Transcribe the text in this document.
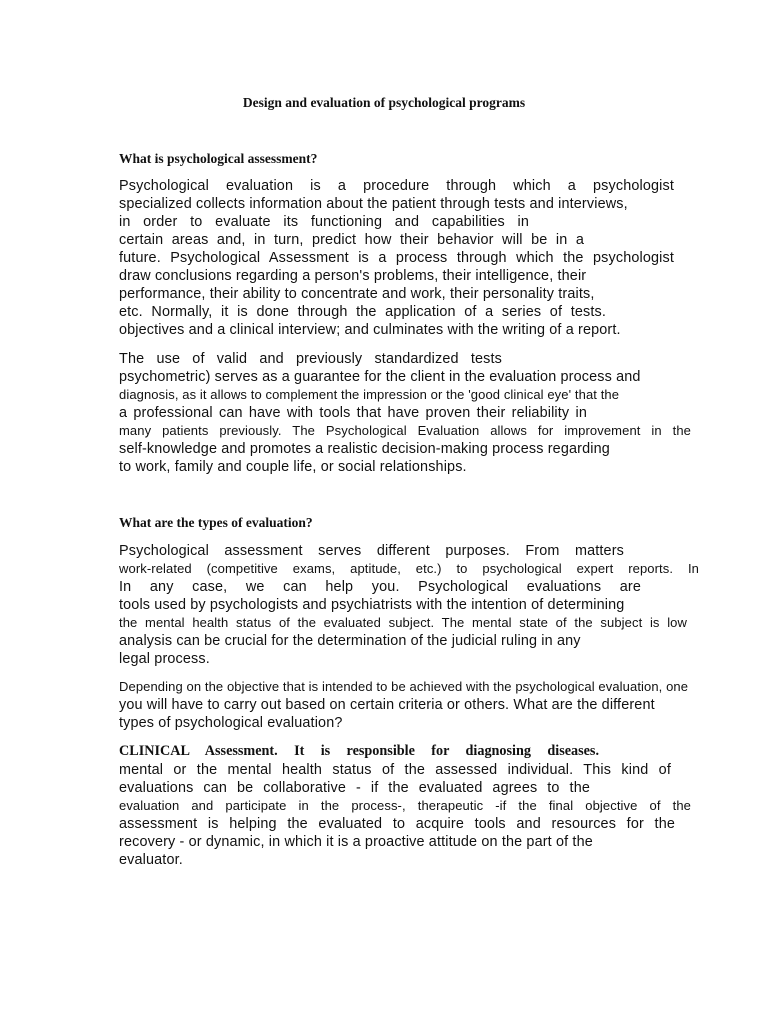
Design and evaluation of psychological programs
What is psychological assessment?
Psychological evaluation is a procedure through which a psychologist
specialized collects information about the patient through tests and interviews,
in order to evaluate its functioning and capabilities in
certain areas and, in turn, predict how their behavior will be in a
future. Psychological Assessment is a process through which the psychologist
draw conclusions regarding a person's problems, their intelligence, their
performance, their ability to concentrate and work, their personality traits,
etc. Normally, it is done through the application of a series of tests.
objectives and a clinical interview; and culminates with the writing of a report.
The use of valid and previously standardized tests
psychometric) serves as a guarantee for the client in the evaluation process and
diagnosis, as it allows to complement the impression or the 'good clinical eye' that the
a professional can have with tools that have proven their reliability in
many patients previously. The Psychological Evaluation allows for improvement in the
self-knowledge and promotes a realistic decision-making process regarding
to work, family and couple life, or social relationships.
What are the types of evaluation?
Psychological assessment serves different purposes. From matters
work-related (competitive exams, aptitude, etc.) to psychological expert reports. In
In any case, we can help you. Psychological evaluations are
tools used by psychologists and psychiatrists with the intention of determining
the mental health status of the evaluated subject. The mental state of the subject is low
analysis can be crucial for the determination of the judicial ruling in any
legal process.
Depending on the objective that is intended to be achieved with the psychological evaluation, one
you will have to carry out based on certain criteria or others. What are the different
types of psychological evaluation?
CLINICAL Assessment. It is responsible for diagnosing diseases.
mental or the mental health status of the assessed individual. This kind of
evaluations can be collaborative - if the evaluated agrees to the
evaluation and participate in the process-, therapeutic -if the final objective of the
assessment is helping the evaluated to acquire tools and resources for the
recovery - or dynamic, in which it is a proactive attitude on the part of the
evaluator.
